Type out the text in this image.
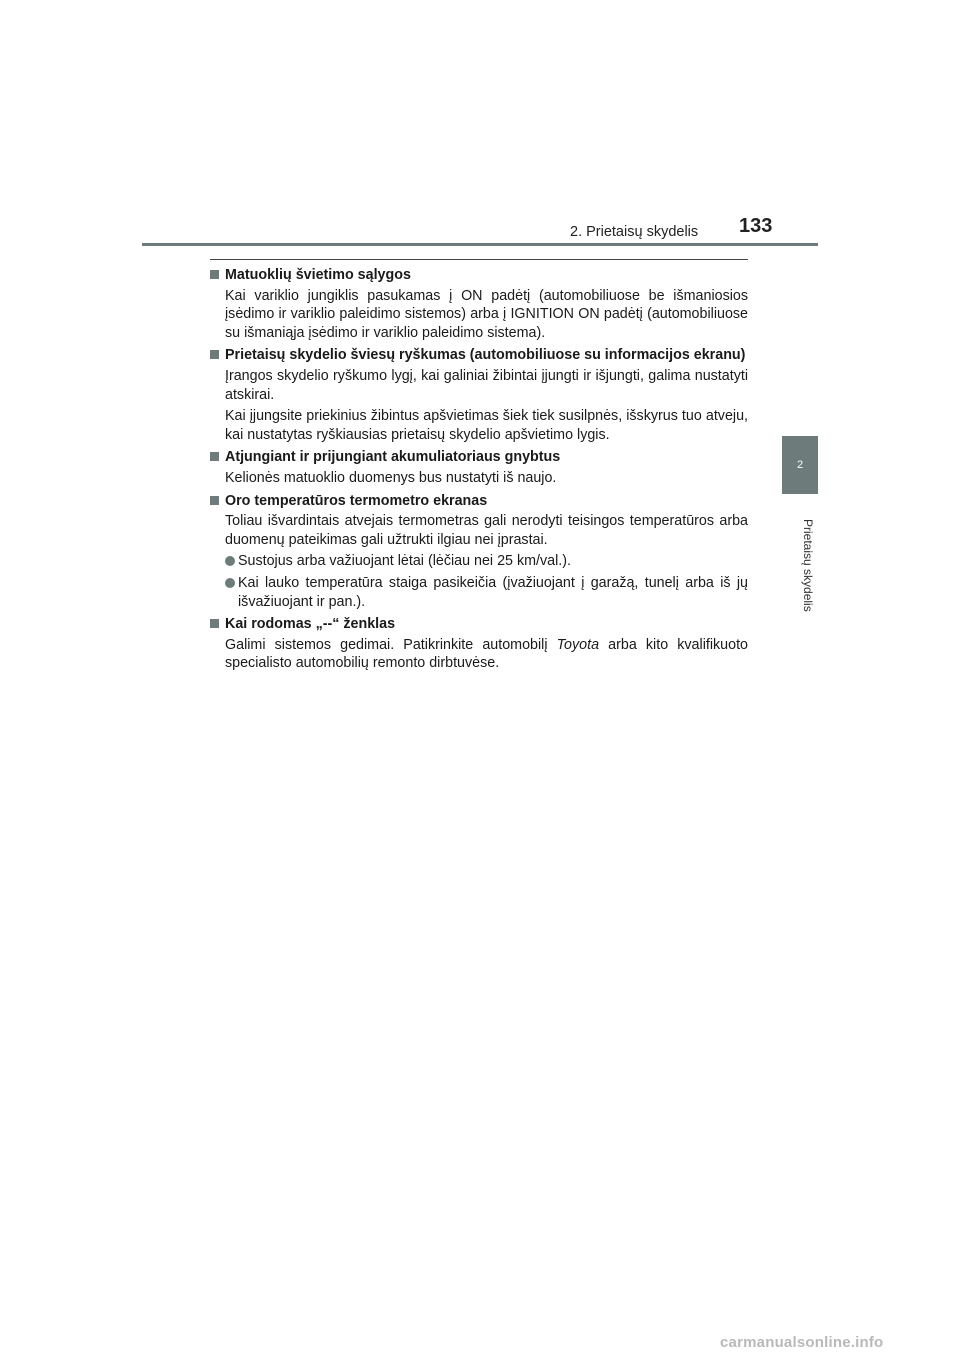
2. Prietaisų skydelis 133
2
Prietaisų skydelis
Matuoklių švietimo sąlygos
Kai variklio jungiklis pasukamas į ON padėtį (automobiliuose be išmaniosios įsėdimo ir variklio paleidimo sistemos) arba į IGNITION ON padėtį (automobiliuose su išmaniąja įsėdimo ir variklio paleidimo sistema).
Prietaisų skydelio šviesų ryškumas (automobiliuose su informacijos ekranu)
Įrangos skydelio ryškumo lygį, kai galiniai žibintai įjungti ir išjungti, galima nustatyti atskirai.
Kai įjungsite priekinius žibintus apšvietimas šiek tiek susilpnės, išskyrus tuo atveju, kai nustatytas ryškiausias prietaisų skydelio apšvietimo lygis.
Atjungiant ir prijungiant akumuliatoriaus gnybtus
Kelionės matuoklio duomenys bus nustatyti iš naujo.
Oro temperatūros termometro ekranas
Toliau išvardintais atvejais termometras gali nerodyti teisingos temperatūros arba duomenų pateikimas gali užtrukti ilgiau nei įprastai.
Sustojus arba važiuojant lėtai (lėčiau nei 25 km/val.).
Kai lauko temperatūra staiga pasikeičia (įvažiuojant į garažą, tunelį arba iš jų išvažiuojant ir pan.).
Kai rodomas „--“ ženklas
Galimi sistemos gedimai. Patikrinkite automobilį Toyota arba kito kvalifikuoto specialisto automobilių remonto dirbtuvėse.
carmanualsonline.info
